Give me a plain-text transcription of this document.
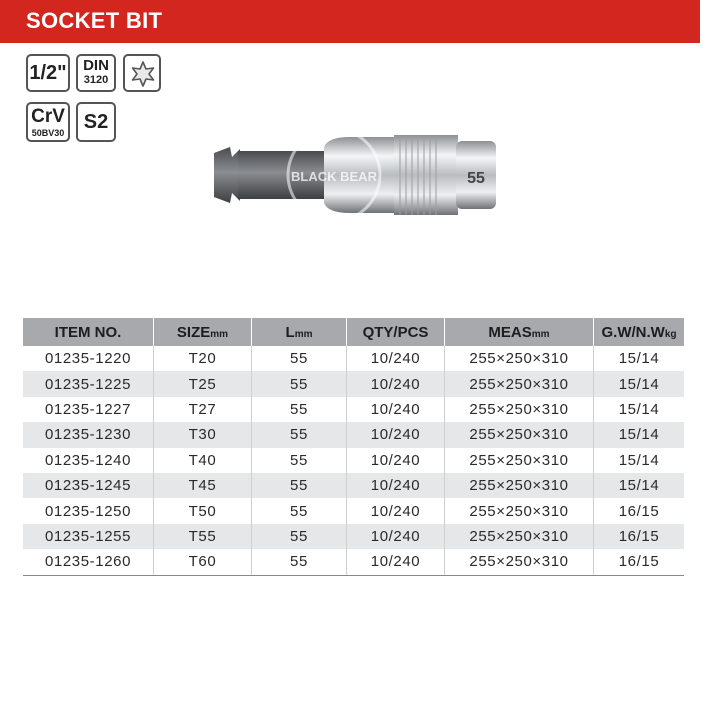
SOCKET BIT
1/2"	DIN
3120
CrV
50BV30 S2
BLACK BEAR	55
ITEM NO.	SIZEmm	Lmm	QTY/PCS	MEASmm	G.W/N.Wkg
01235-1220	T20	55	10/240	255×250×310	15/14
01235-1225	T25	55	10/240	255×250×310	15/14
01235-1227	T27	55	10/240	255×250×310	15/14
01235-1230	T30	55	10/240	255×250×310	15/14
01235-1240	T40	55	10/240	255×250×310	15/14
01235-1245	T45	55	10/240	255×250×310	15/14
01235-1250	T50	55	10/240	255×250×310	16/15
01235-1255	T55	55	10/240	255×250×310	16/15
01235-1260	T60	55	10/240	255×250×310	16/15
